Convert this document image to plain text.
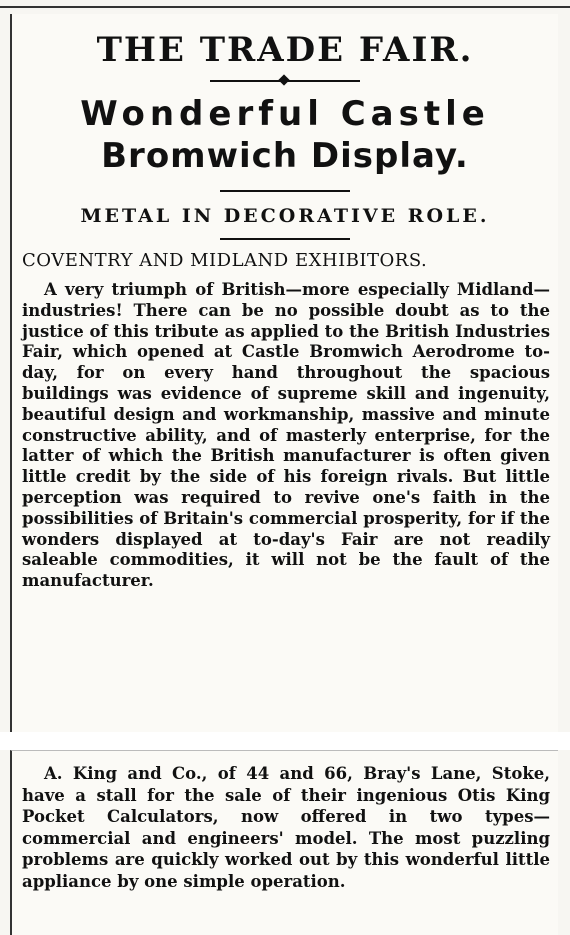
THE TRADE FAIR.
Wonderful Castle
Bromwich Display.
METAL IN DECORATIVE ROLE.
COVENTRY AND MIDLAND EXHIBITORS.

A very triumph of British—more especially Midland—industries! There can be no possible doubt as to the justice of this tribute as applied to the British Industries Fair, which opened at Castle Bromwich Aerodrome to-day, for on every hand throughout the spacious buildings was evidence of supreme skill and ingenuity, beautiful design and workmanship, massive and minute constructive ability, and of masterly enterprise, for the latter of which the British manufacturer is often given little credit by the side of his foreign rivals. But little perception was required to revive one's faith in the possibilities of Britain's commercial prosperity, for if the wonders displayed at to-day's Fair are not readily saleable commodities, it will not be the fault of the manufacturer.

A. King and Co., of 44 and 66, Bray's Lane, Stoke, have a stall for the sale of their ingenious Otis King Pocket Calculators, now offered in two types—commercial and engineers' model. The most puzzling problems are quickly worked out by this wonderful little appliance by one simple operation.
